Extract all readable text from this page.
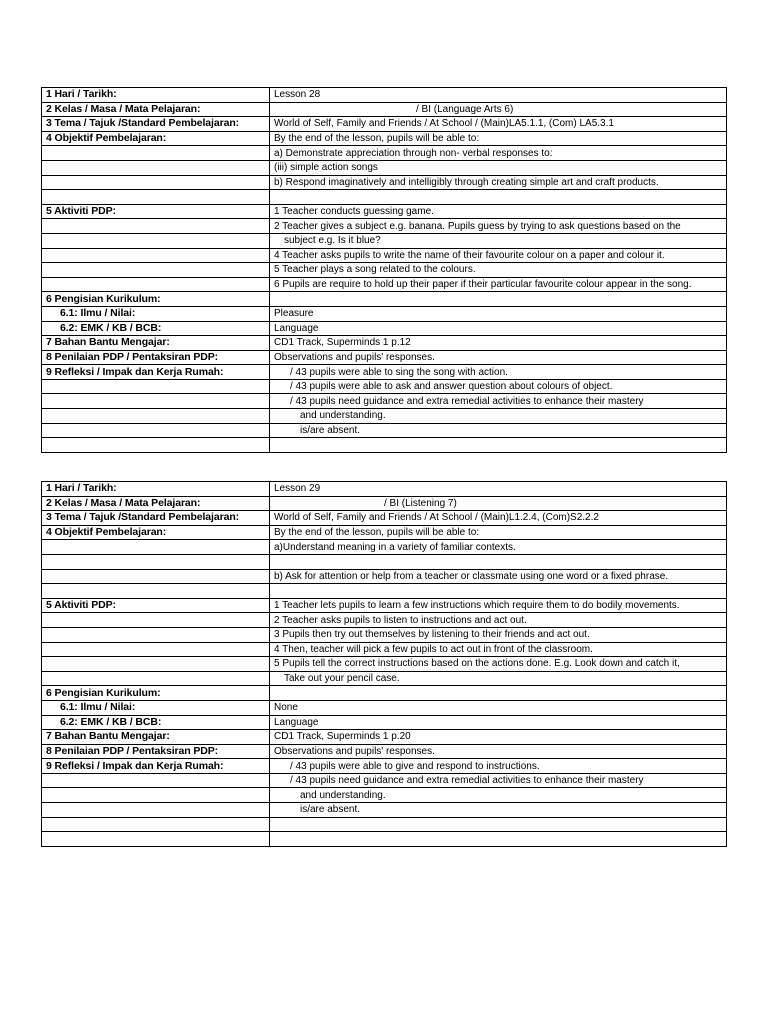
1 Hari / Tarikh:	Lesson 28
2 Kelas / Masa / Mata Pelajaran:	/ BI (Language Arts 6)
3 Tema / Tajuk /Standard Pembelajaran:	World of Self, Family and Friends / At School / (Main)LA5.1.1, (Com) LA5.3.1
4 Objektif Pembelajaran:	By the end of the lesson, pupils will be able to:
	a) Demonstrate appreciation through non- verbal responses to:
	(iii) simple action songs
	b) Respond imaginatively and intelligibly through creating simple art and craft products.

5 Aktiviti PDP:	1 Teacher conducts guessing game.
	2 Teacher gives a subject e.g. banana. Pupils guess by trying to ask questions based on the
	subject e.g. Is it blue?
	4 Teacher asks pupils to write the name of their favourite colour on a paper and colour it.
	5 Teacher plays a song related to the colours.
	6 Pupils are require to hold up their paper if their particular favourite colour appear in the song.
6 Pengisian Kurikulum:	
6.1: Ilmu / Nilai:	Pleasure
6.2: EMK / KB / BCB:	Language
7 Bahan Bantu Mengajar:	CD1 Track, Superminds 1 p.12
8 Penilaian PDP / Pentaksiran PDP:	Observations and pupils' responses.
9 Refleksi / Impak dan Kerja Rumah:	/ 43 pupils were able to sing the song with action.
	/ 43 pupils were able to ask and answer question about colours of object.
	/ 43 pupils need guidance and extra remedial activities to enhance their mastery
	and understanding.
	is/are absent.

1 Hari / Tarikh:	Lesson 29
2 Kelas / Masa / Mata Pelajaran:	/ BI (Listening 7)
3 Tema / Tajuk /Standard Pembelajaran:	World of Self, Family and Friends / At School / (Main)L1.2.4, (Com)S2.2.2
4 Objektif Pembelajaran:	By the end of the lesson, pupils will be able to:
	a)Understand meaning in a variety of familiar contexts.

	b) Ask for attention or help from a teacher or classmate using one word or a fixed phrase.

5 Aktiviti PDP:	1 Teacher lets pupils to learn a few instructions which require them to do bodily movements.
	2 Teacher asks pupils to listen to instructions and act out.
	3 Pupils then try out themselves by listening to their friends and act out.
	4 Then, teacher will pick a few pupils to act out in front of the classroom.
	5 Pupils tell the correct instructions based on the actions done. E.g. Look down and catch it,
	Take out your pencil case.
6 Pengisian Kurikulum:	
6.1: Ilmu / Nilai:	None
6.2: EMK / KB / BCB:	Language
7 Bahan Bantu Mengajar:	CD1 Track, Superminds 1 p.20
8 Penilaian PDP / Pentaksiran PDP:	Observations and pupils' responses.
9 Refleksi / Impak dan Kerja Rumah:	/ 43 pupils were able to give and respond to instructions.
	/ 43 pupils need guidance and extra remedial activities to enhance their mastery
	and understanding.
	is/are absent.
